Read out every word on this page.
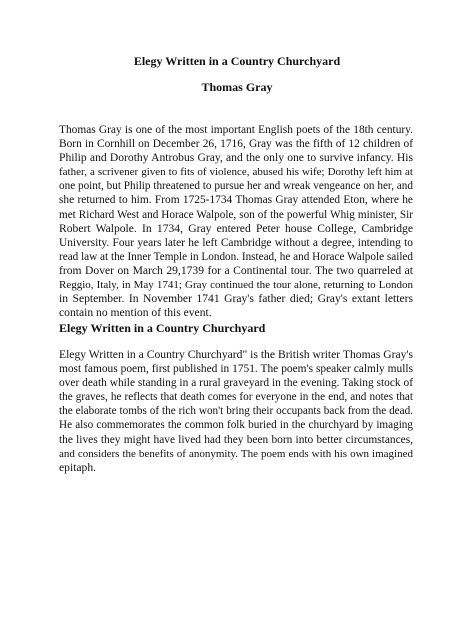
Elegy Written in a Country Churchyard
Thomas Gray
Thomas Gray is one of the most important English poets of the 18th century.
Born in Cornhill on December 26, 1716, Gray was the fifth of 12 children of
Philip and Dorothy Antrobus Gray, and the only one to survive infancy. His
father, a scrivener given to fits of violence, abused his wife; Dorothy left him at
one point, but Philip threatened to pursue her and wreak vengeance on her, and
she returned to him. From 1725-1734 Thomas Gray attended Eton, where he
met Richard West and Horace Walpole, son of the powerful Whig minister, Sir
Robert Walpole. In 1734, Gray entered Peter house College, Cambridge
University. Four years later he left Cambridge without a degree, intending to
read law at the Inner Temple in London. Instead, he and Horace Walpole sailed
from Dover on March 29,1739 for a Continental tour. The two quarreled at
Reggio, Italy, in May 1741; Gray continued the tour alone, returning to London
in September. In November 1741 Gray's father died; Gray's extant letters
contain no mention of this event.
Elegy Written in a Country Churchyard
Elegy Written in a Country Churchyard" is the British writer Thomas Gray's
most famous poem, first published in 1751. The poem's speaker calmly mulls
over death while standing in a rural graveyard in the evening. Taking stock of
the graves, he reflects that death comes for everyone in the end, and notes that
the elaborate tombs of the rich won't bring their occupants back from the dead.
He also commemorates the common folk buried in the churchyard by imaging
the lives they might have lived had they been born into better circumstances,
and considers the benefits of anonymity. The poem ends with his own imagined
epitaph.
